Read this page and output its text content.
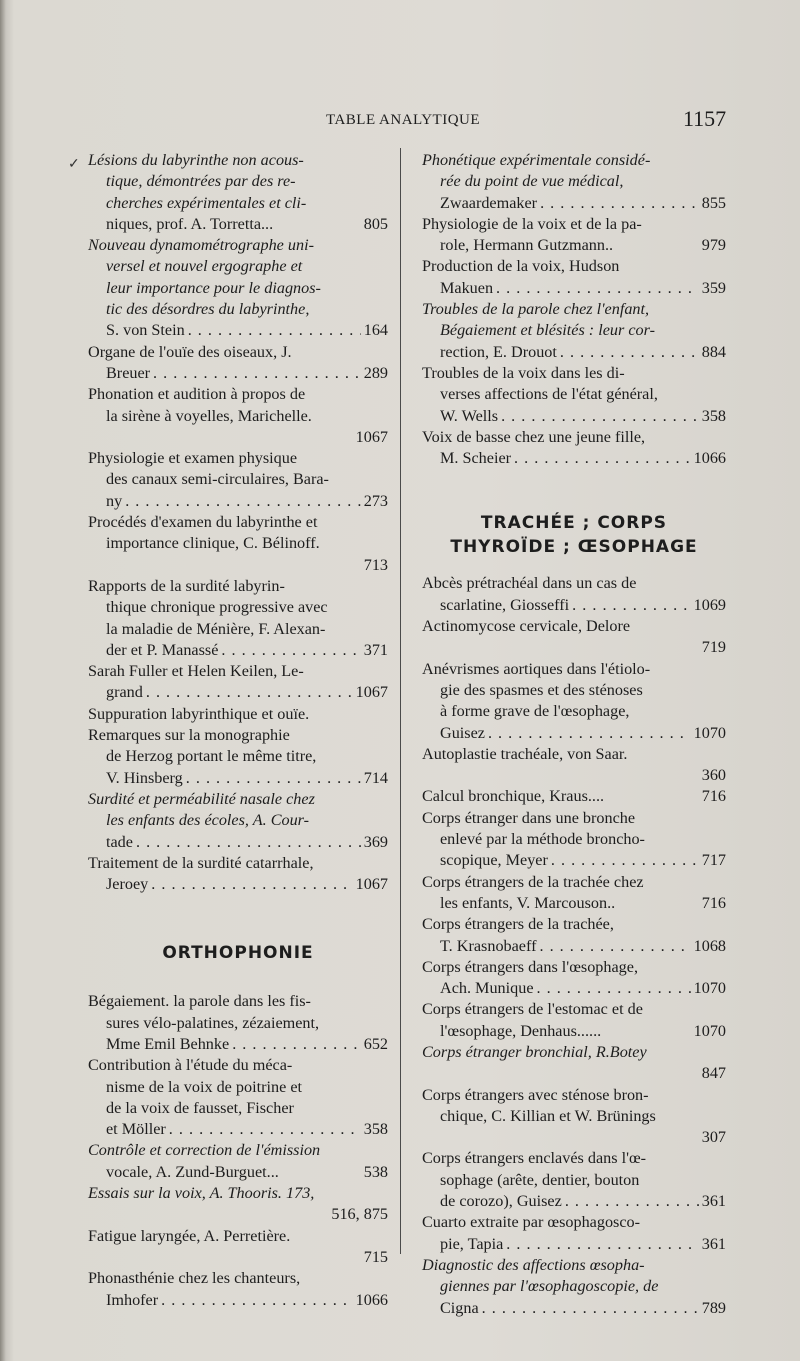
TABLE ANALYTIQUE	1157
✓ Lésions du labyrinthe non acous-
tique, démontrées par des re-
cherches expérimentales et cli-
niques, prof. A. Torretta...	805
Nouveau dynamométrographe uni-
versel et nouvel ergographe et
leur importance pour le diagnos-
tic des désordres du labyrinthe,
S. von Stein . . .	164
Organe de l'ouïe des oiseaux, J.
Breuer . . .	289
Phonation et audition à propos de
la sirène à voyelles, Marichelle.
1067
Physiologie et examen physique
des canaux semi-circulaires, Bara-
ny . . .	273
Procédés d'examen du labyrinthe et
importance clinique, C. Bélinoff.
713
Rapports de la surdité labyrin-
thique chronique progressive avec
la maladie de Ménière, F. Alexan-
der et P. Manassé . . .	371
Sarah Fuller et Helen Keilen, Le-
grand . . .	1067
Suppuration labyrinthique et ouïe.
Remarques sur la monographie
de Herzog portant le même titre,
V. Hinsberg . . .	714
Surdité et perméabilité nasale chez
les enfants des écoles, A. Cour-
tade . . .	369
Traitement de la surdité catarrhale,
Jeroey . . .	1067
ORTHOPHONIE
Bégaiement. la parole dans les fis-
sures vélo-palatines, zézaiement,
Mme Emil Behnke . . .	652
Contribution à l'étude du méca-
nisme de la voix de poitrine et
de la voix de fausset, Fischer
et Möller . . .	358
Contrôle et correction de l'émission
vocale, A. Zund-Burguet...	538
Essais sur la voix, A. Thooris. 173,
516, 875
Fatigue laryngée, A. Perretière.
715
Phonasthénie chez les chanteurs,
Imhofer . . .	1066
Phonétique expérimentale considé-
rée du point de vue médical,
Zwaardemaker . . .	855
Physiologie de la voix et de la pa-
role, Hermann Gutzmann..	979
Production de la voix, Hudson
Makuen . . .	359
Troubles de la parole chez l'enfant,
Bégaiement et blésités : leur cor-
rection, E. Drouot . . .	884
Troubles de la voix dans les di-
verses affections de l'état général,
W. Wells . . .	358
Voix de basse chez une jeune fille,
M. Scheier . . .	1066
TRACHÉE ; CORPS
THYROÏDE ; ŒSOPHAGE
Abcès prétrachéal dans un cas de
scarlatine, Giosseffi . . .	1069
Actinomycose cervicale, Delore
719
Anévrismes aortiques dans l'étiolo-
gie des spasmes et des sténoses
à forme grave de l'œsophage,
Guisez . . .	1070
Autoplastie trachéale, von Saar.
360
Calcul bronchique, Kraus....	716
Corps étranger dans une bronche
enlevé par la méthode broncho-
scopique, Meyer . . .	717
Corps étrangers de la trachée chez
les enfants, V. Marcouson..	716
Corps étrangers de la trachée,
T. Krasnobaeff . . .	1068
Corps étrangers dans l'œsophage,
Ach. Munique . . .	1070
Corps étrangers de l'estomac et de
l'œsophage, Denhaus......	1070
Corps étranger bronchial, R.Botey
847
Corps étrangers avec sténose bron-
chique, C. Killian et W. Brünings
307
Corps étrangers enclavés dans l'œ-
sophage (arête, dentier, bouton
de corozo), Guisez . . .	361
Cuarto extraite par œsophagosco-
pie, Tapia . . .	361
Diagnostic des affections œsopha-
giennes par l'œsophagoscopie, de
Cigna . . .	789
